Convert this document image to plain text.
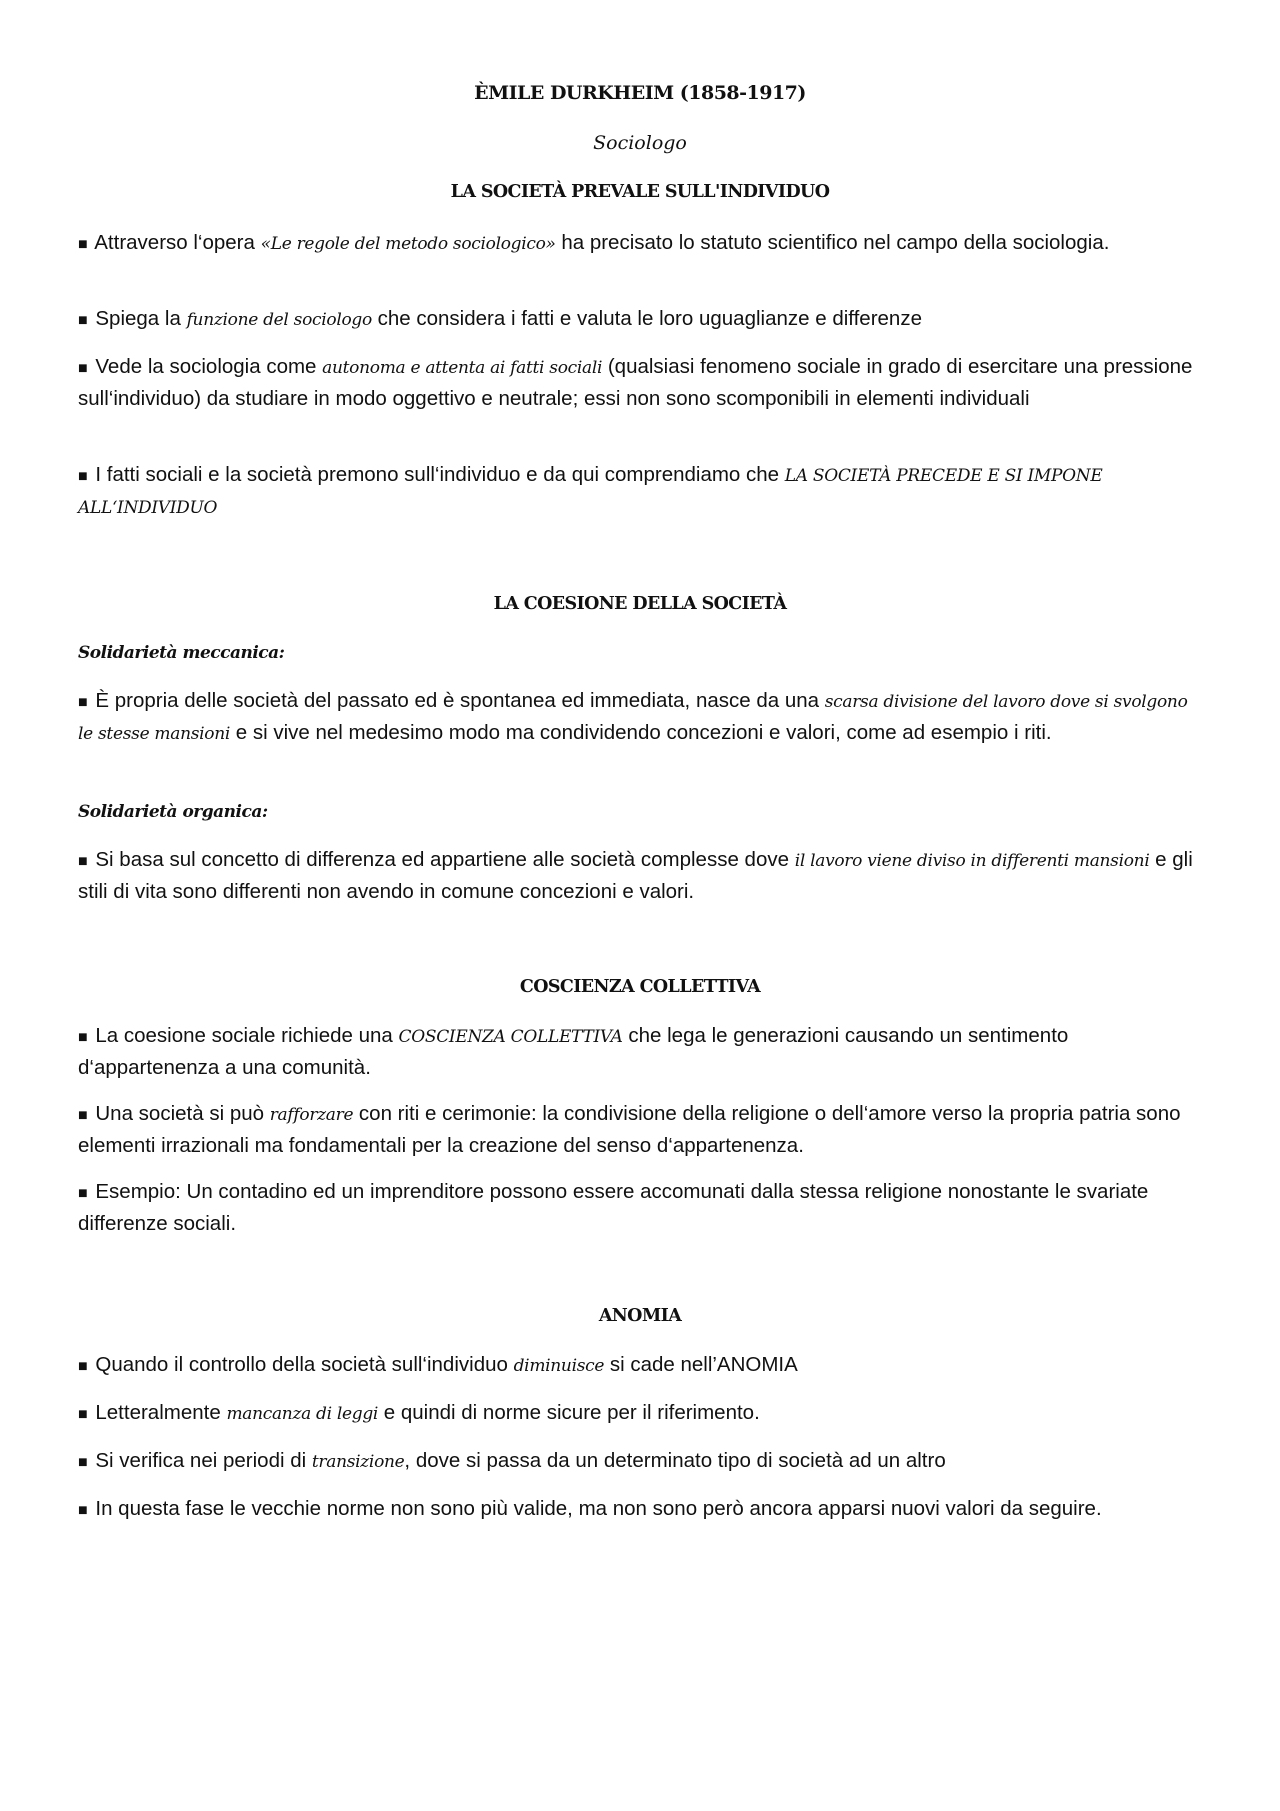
ÈMILE DURKHEIM (1858-1917)

Sociologo

LA SOCIETÀ PREVALE SULL'INDIVIDUO

■ Attraverso l‘opera «Le regole del metodo sociologico» ha precisato lo statuto scientifico nel campo della sociologia.

■ Spiega la funzione del sociologo che considera i fatti e valuta le loro uguaglianze e differenze

■ Vede la sociologia come autonoma e attenta ai fatti sociali (qualsiasi fenomeno sociale in grado di esercitare una pressione sull‘individuo) da studiare in modo oggettivo e neutrale; essi non sono scomponibili in elementi individuali

■ I fatti sociali e la società premono sull‘individuo e da qui comprendiamo che LA SOCIETÀ PRECEDE E SI IMPONE ALL‘INDIVIDUO

LA COESIONE DELLA SOCIETÀ

Solidarietà meccanica:

■ È propria delle società del passato ed è spontanea ed immediata, nasce da una scarsa divisione del lavoro dove si svolgono le stesse mansioni e si vive nel medesimo modo ma condividendo concezioni e valori, come ad esempio i riti.

Solidarietà organica:

■ Si basa sul concetto di differenza ed appartiene alle società complesse dove il lavoro viene diviso in differenti mansioni e gli stili di vita sono differenti non avendo in comune concezioni e valori.

COSCIENZA COLLETTIVA

■ La coesione sociale richiede una COSCIENZA COLLETTIVA che lega le generazioni causando un sentimento d‘appartenenza a una comunità.

■ Una società si può rafforzare con riti e cerimonie: la condivisione della religione o dell‘amore verso la propria patria sono elementi irrazionali ma fondamentali per la creazione del senso d‘appartenenza.

■ Esempio: Un contadino ed un imprenditore possono essere accomunati dalla stessa religione nonostante le svariate differenze sociali.

ANOMIA

■ Quando il controllo della società sull‘individuo diminuisce si cade nell’ANOMIA

■ Letteralmente mancanza di leggi e quindi di norme sicure per il riferimento.

■ Si verifica nei periodi di transizione, dove si passa da un determinato tipo di società ad un altro

■ In questa fase le vecchie norme non sono più valide, ma non sono però ancora apparsi nuovi valori da seguire.
